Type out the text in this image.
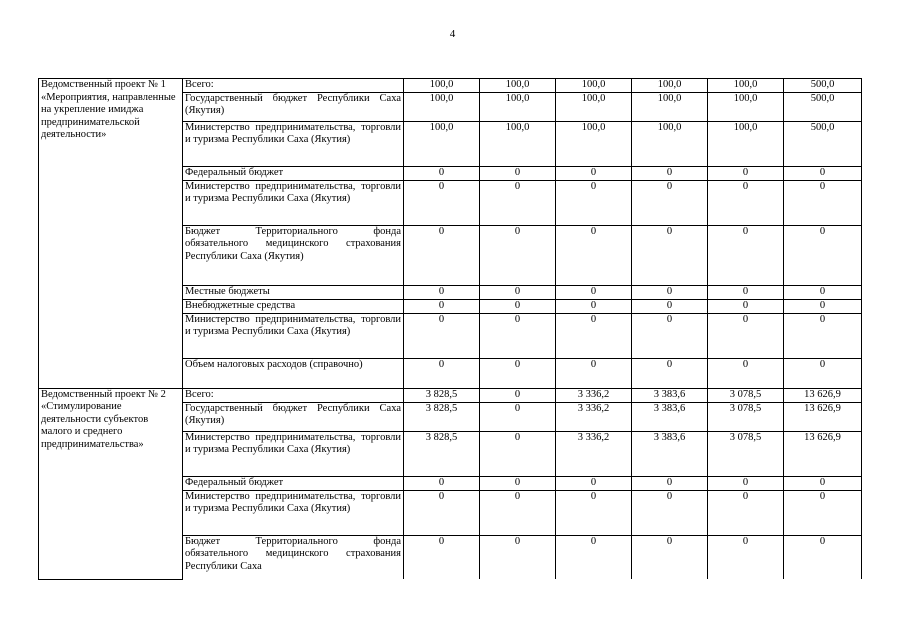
4
Ведомственный проект № 1 «Мероприятия, направленные на укрепление имиджа предпринимательской деятельности»	Всего:	100,0	100,0	100,0	100,0	100,0	500,0
	Государственный бюджет Республики Саха (Якутия)	100,0	100,0	100,0	100,0	100,0	500,0
	Министерство предпринимательства, торговли и туризма Республики Саха (Якутия)	100,0	100,0	100,0	100,0	100,0	500,0
	Федеральный бюджет	0	0	0	0	0	0
	Министерство предпринимательства, торговли и туризма Республики Саха (Якутия)	0	0	0	0	0	0
	Бюджет Территориального фонда обязательного медицинского страхования Республики Саха (Якутия)	0	0	0	0	0	0
	Местные бюджеты	0	0	0	0	0	0
	Внебюджетные средства	0	0	0	0	0	0
	Министерство предпринимательства, торговли и туризма Республики Саха (Якутия)	0	0	0	0	0	0
	Объем налоговых расходов (справочно)	0	0	0	0	0	0
Ведомственный проект № 2 «Стимулирование деятельности субъектов малого и среднего предпринимательства»	Всего:	3 828,5	0	3 336,2	3 383,6	3 078,5	13 626,9
	Государственный бюджет Республики Саха (Якутия)	3 828,5	0	3 336,2	3 383,6	3 078,5	13 626,9
	Министерство предпринимательства, торговли и туризма Республики Саха (Якутия)	3 828,5	0	3 336,2	3 383,6	3 078,5	13 626,9
	Федеральный бюджет	0	0	0	0	0	0
	Министерство предпринимательства, торговли и туризма Республики Саха (Якутия)	0	0	0	0	0	0
	Бюджет Территориального фонда обязательного медицинского страхования Республики Саха	0	0	0	0	0	0
